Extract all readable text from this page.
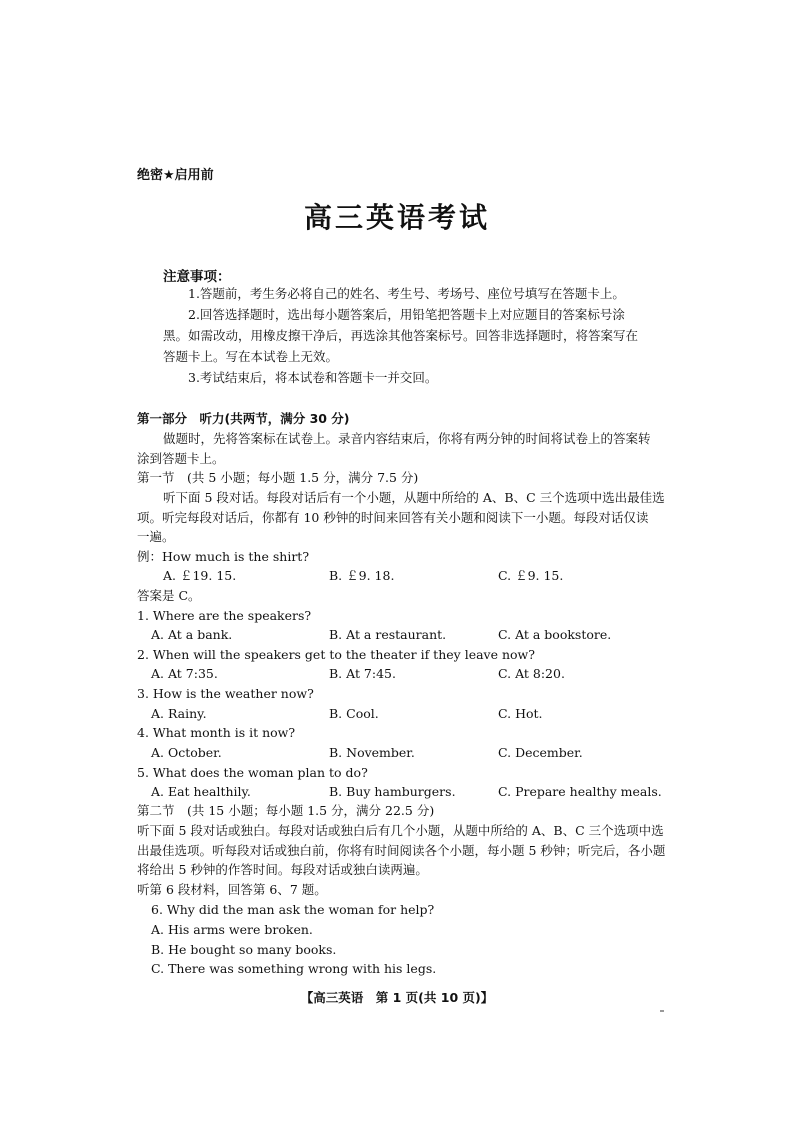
绝密★启用前
高三英语考试
注意事项：
1.答题前，考生务必将自己的姓名、考生号、考场号、座位号填写在答题卡上。
2.回答选择题时，选出每小题答案后，用铅笔把答题卡上对应题目的答案标号涂
黑。如需改动，用橡皮擦干净后，再选涂其他答案标号。回答非选择题时，将答案写在
答题卡上。写在本试卷上无效。
3.考试结束后，将本试卷和答题卡一并交回。
第一部分　听力(共两节，满分 30 分)
做题时，先将答案标在试卷上。录音内容结束后，你将有两分钟的时间将试卷上的答案转
涂到答题卡上。
第一节　(共 5 小题；每小题 1.5 分，满分 7.5 分)
听下面 5 段对话。每段对话后有一个小题，从题中所给的 A、B、C 三个选项中选出最佳选
项。听完每段对话后，你都有 10 秒钟的时间来回答有关小题和阅读下一小题。每段对话仅读
一遍。
例：How much is the shirt?
A. ￡19. 15.	B. ￡9. 18.	C. ￡9. 15.
答案是 C。
1. Where are the speakers?
A. At a bank.	B. At a restaurant.	C. At a bookstore.
2. When will the speakers get to the theater if they leave now?
A. At 7:35.	B. At 7:45.	C. At 8:20.
3. How is the weather now?
A. Rainy.	B. Cool.	C. Hot.
4. What month is it now?
A. October.	B. November.	C. December.
5. What does the woman plan to do?
A. Eat healthily.	B. Buy hamburgers.	C. Prepare healthy meals.
第二节　(共 15 小题；每小题 1.5 分，满分 22.5 分)
听下面 5 段对话或独白。每段对话或独白后有几个小题，从题中所给的 A、B、C 三个选项中选
出最佳选项。听每段对话或独白前，你将有时间阅读各个小题，每小题 5 秒钟；听完后，各小题
将给出 5 秒钟的作答时间。每段对话或独白读两遍。
听第 6 段材料，回答第 6、7 题。
6. Why did the man ask the woman for help?
A. His arms were broken.
B. He bought so many books.
C. There was something wrong with his legs.
【高三英语　第 1 页(共 10 页)】
